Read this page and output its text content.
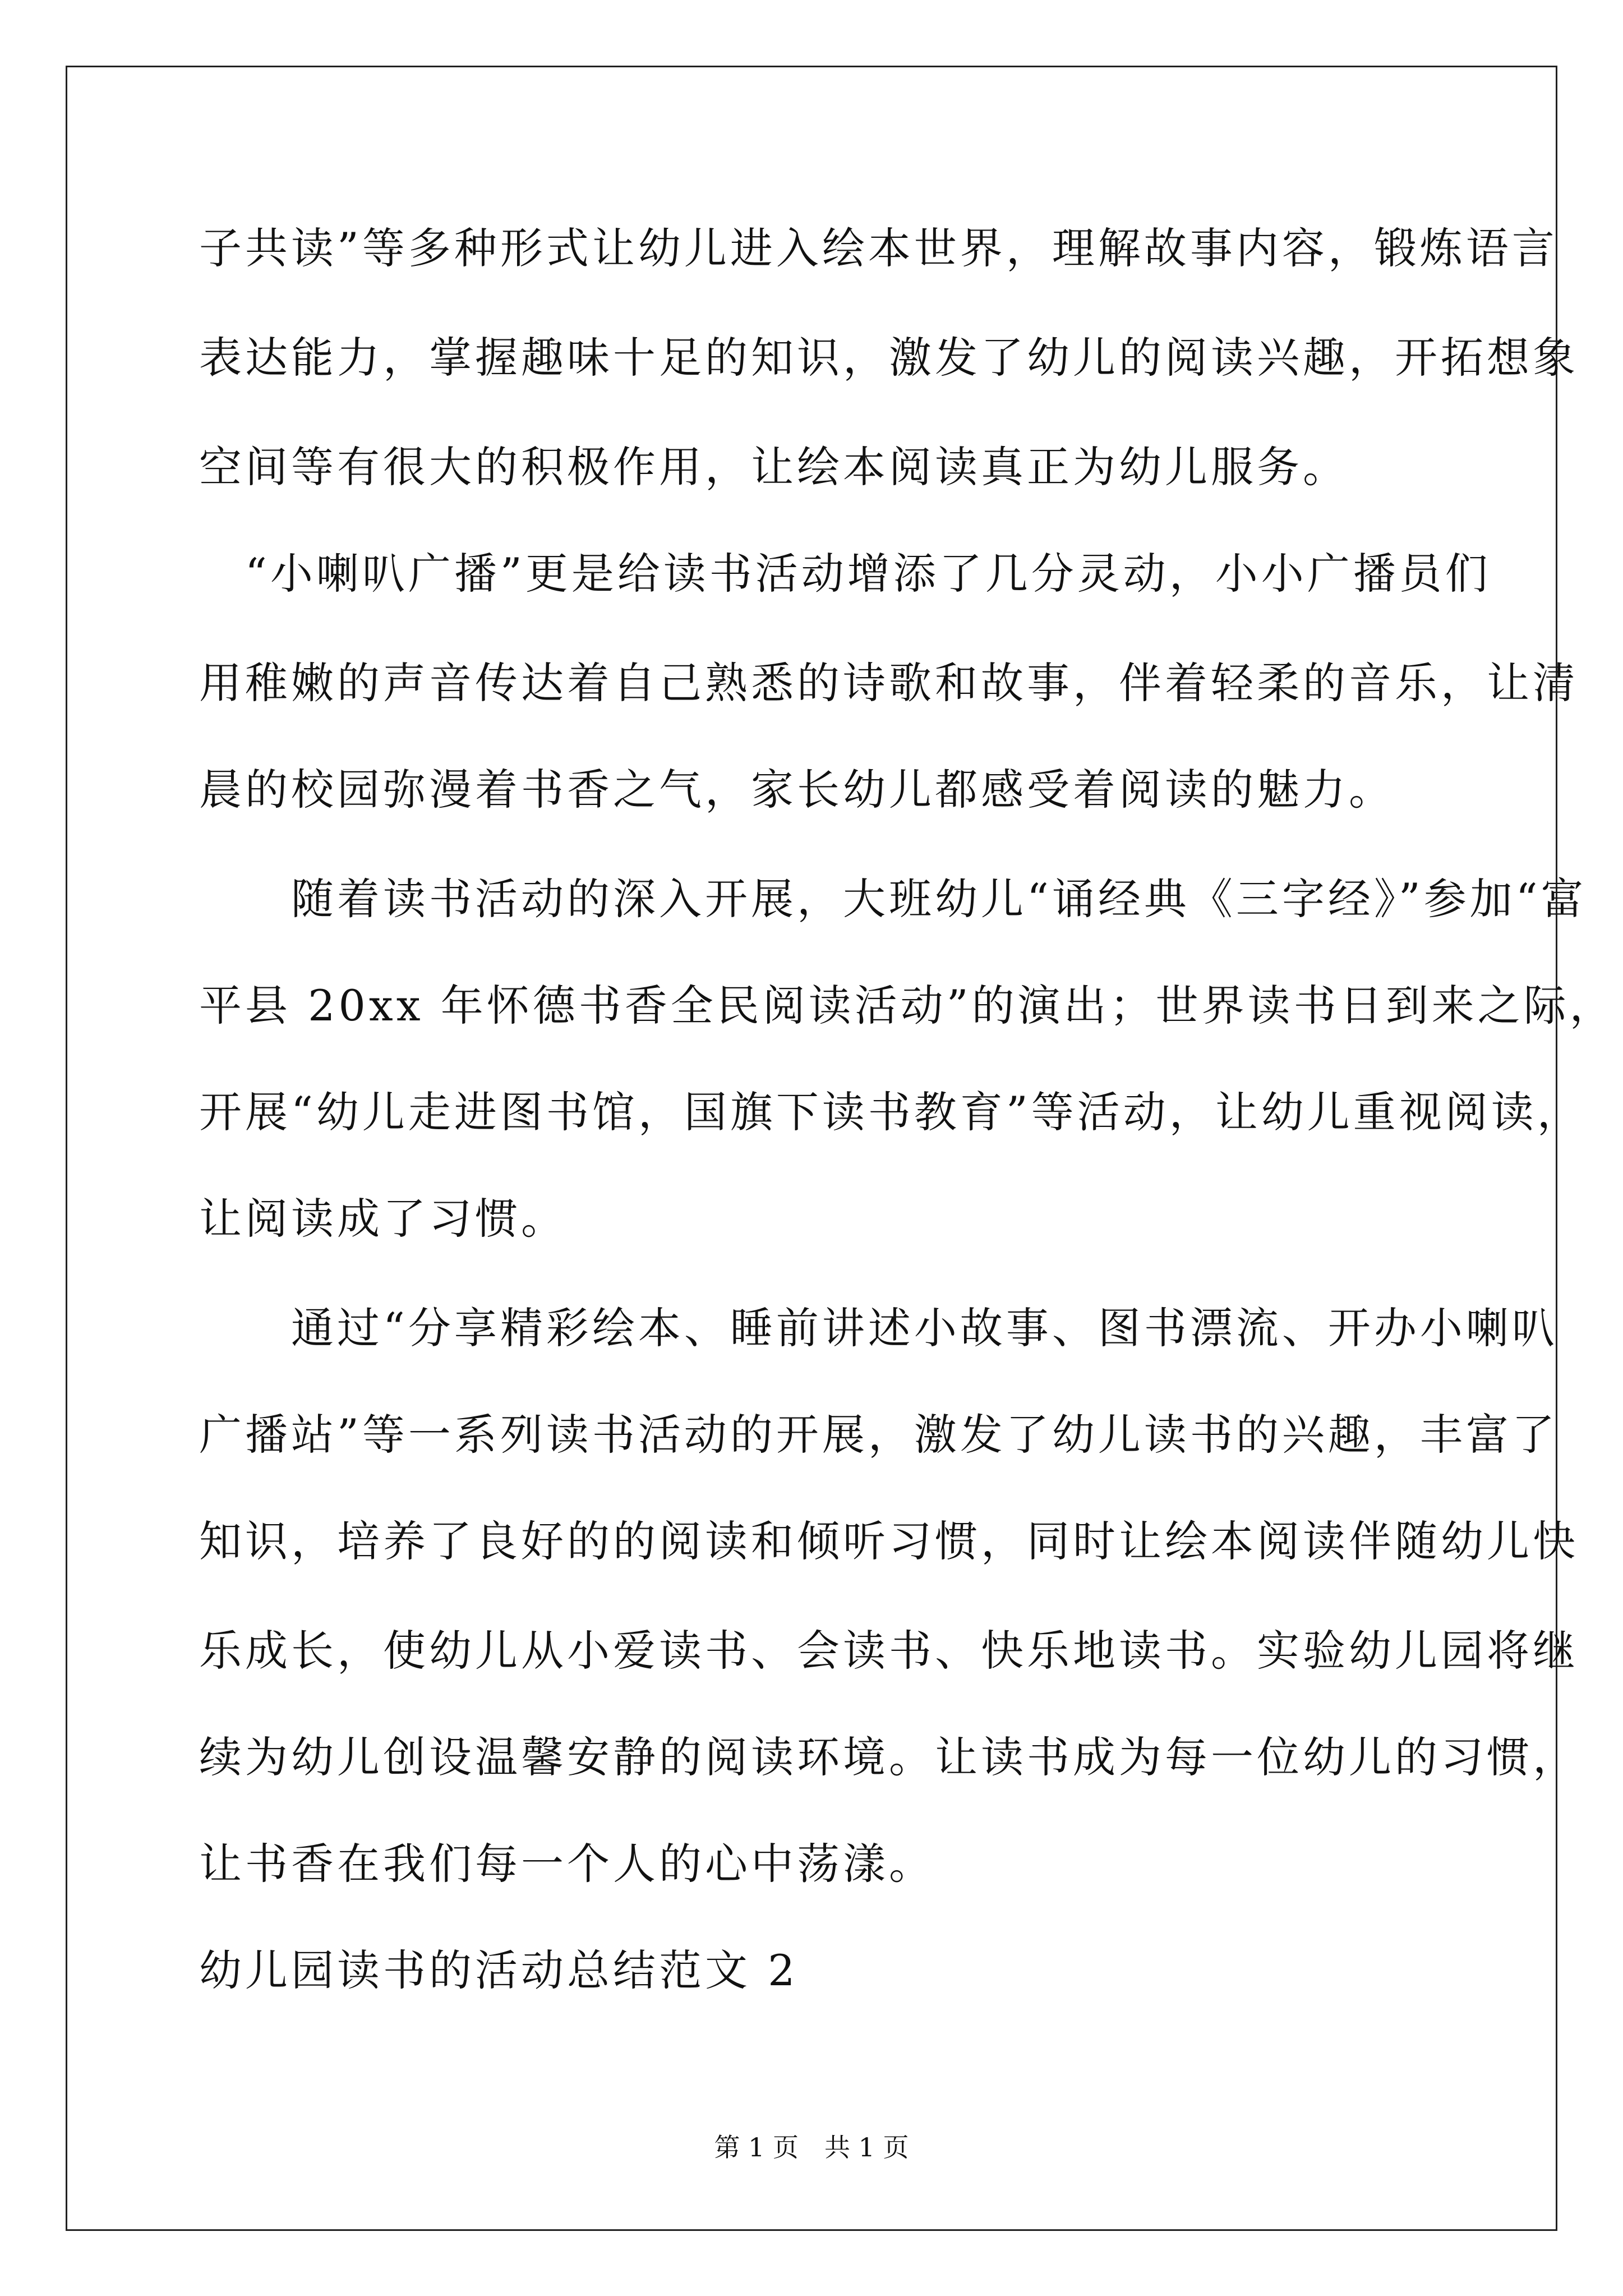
子共读”等多种形式让幼儿进入绘本世界，理解故事内容，锻炼语言
表达能力，掌握趣味十足的知识，激发了幼儿的阅读兴趣，开拓想象
空间等有很大的积极作用，让绘本阅读真正为幼儿服务。
　“小喇叭广播”更是给读书活动增添了几分灵动，小小广播员们
用稚嫩的声音传达着自己熟悉的诗歌和故事，伴着轻柔的音乐，让清
晨的校园弥漫着书香之气，家长幼儿都感受着阅读的魅力。
　　随着读书活动的深入开展，大班幼儿“诵经典《三字经》”参加“富
平县 20xx 年怀德书香全民阅读活动”的演出；世界读书日到来之际，
开展“幼儿走进图书馆，国旗下读书教育”等活动，让幼儿重视阅读，
让阅读成了习惯。
　　通过“分享精彩绘本、睡前讲述小故事、图书漂流、开办小喇叭
广播站”等一系列读书活动的开展，激发了幼儿读书的兴趣，丰富了
知识，培养了良好的的阅读和倾听习惯，同时让绘本阅读伴随幼儿快
乐成长，使幼儿从小爱读书、会读书、快乐地读书。实验幼儿园将继
续为幼儿创设温馨安静的阅读环境。让读书成为每一位幼儿的习惯，
让书香在我们每一个人的心中荡漾。
幼儿园读书的活动总结范文 2
第 1 页　共 1 页
